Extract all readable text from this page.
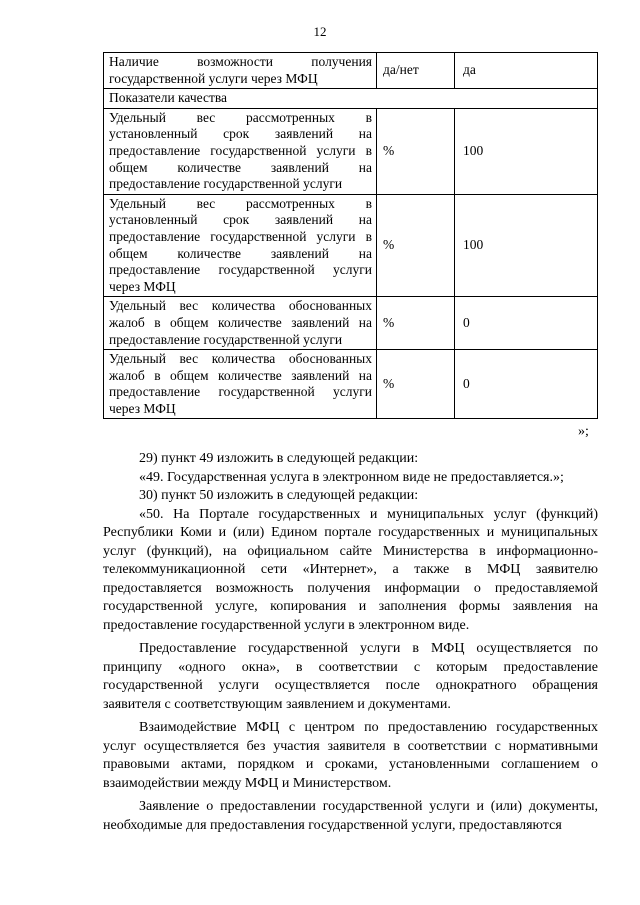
12
Наличие возможности получения государственной услуги через МФЦ	да/нет	да
Показатели качества		
Удельный вес рассмотренных в установленный срок заявлений на предоставление государственной услуги в общем количестве заявлений на предоставление государственной услуги	%	100
Удельный вес рассмотренных в установленный срок заявлений на предоставление государственной услуги в общем количестве заявлений на предоставление государственной услуги через МФЦ	%	100
Удельный вес количества обоснованных жалоб в общем количестве заявлений на предоставление государственной услуги	%	0
Удельный вес количества обоснованных жалоб в общем количестве заявлений на предоставление государственной услуги через МФЦ	%	0
»;

29) пункт 49 изложить в следующей редакции:

«49. Государственная услуга в электронном виде не предоставляется.»;

30) пункт 50 изложить в следующей редакции:

«50. На Портале государственных и муниципальных услуг (функций) Республики Коми и (или) Едином портале государственных и муниципальных услуг (функций), на официальном сайте Министерства в информационно-телекоммуникационной сети «Интернет», а также в МФЦ заявителю предоставляется возможность получения информации о предоставляемой государственной услуге, копирования и заполнения формы заявления на предоставление государственной услуги в электронном виде.

Предоставление государственной услуги в МФЦ осуществляется по принципу «одного окна», в соответствии с которым предоставление государственной услуги осуществляется после однократного обращения заявителя с соответствующим заявлением и документами.

Взаимодействие МФЦ с центром по предоставлению государственных услуг осуществляется без участия заявителя в соответствии с нормативными правовыми актами, порядком и сроками, установленными соглашением о взаимодействии между МФЦ и Министерством.

Заявление о предоставлении государственной услуги и (или) документы, необходимые для предоставления государственной услуги, предоставляются
